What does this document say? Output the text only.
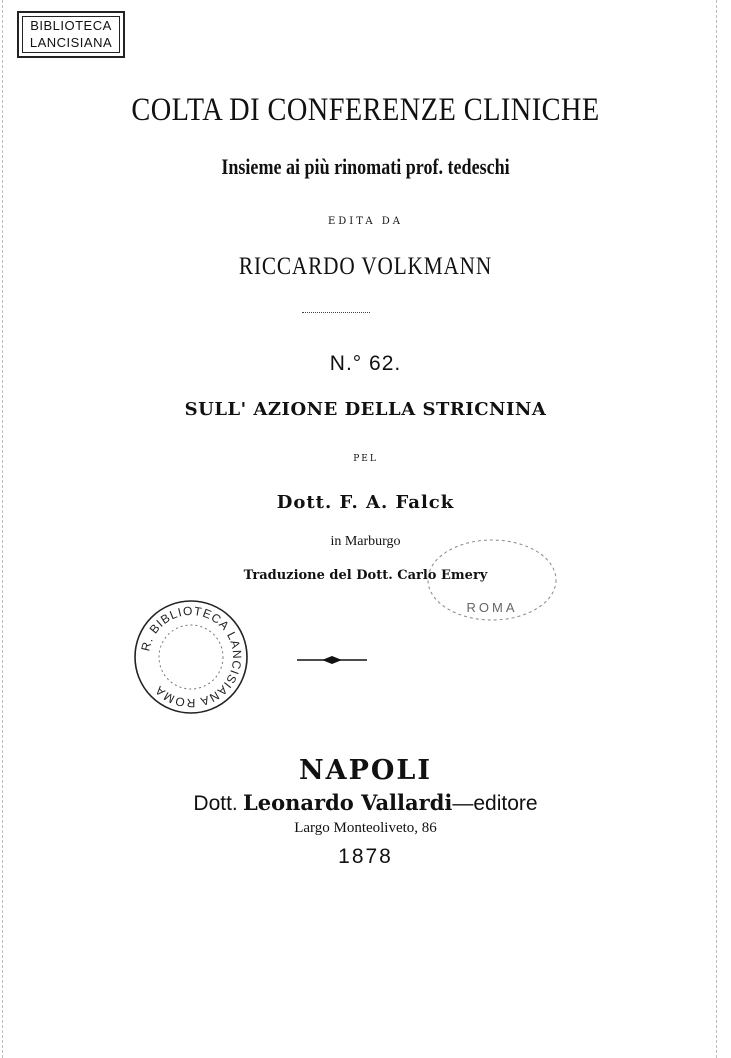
BIBLIOTECA
LANCISIANA
COLTA DI CONFERENZE CLINICHE
Insieme ai più rinomati prof. tedeschi
EDITA DA
RICCARDO VOLKMANN
N.° 62.
SULL' AZIONE DELLA STRICNINA
PEL
Dott. F. A. Falck
in Marburgo
Traduzione del Dott. Carlo Emery
R. BIBLIOTECA LANCISIANA ROMA
ROMA
NAPOLI
Dott. Leonardo Vallardi—editore
Largo Monteoliveto, 86
1878
